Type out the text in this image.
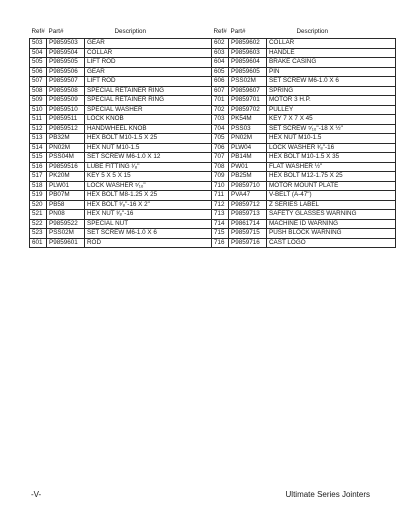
Ref#	Part#	Description
503	P9859503	GEAR
504	P9859504	COLLAR
505	P9859505	LIFT ROD
506	P9859506	GEAR
507	P9859507	LIFT ROD
508	P9859508	SPECIAL RETAINER RING
509	P9859509	SPECIAL RETAINER RING
510	P9859510	SPECIAL WASHER
511	P9859511	LOCK KNOB
512	P9859512	HANDWHEEL KNOB
513	PB32M	HEX BOLT M10-1.5 X 25
514	PN02M	HEX NUT M10-1.5
515	PSS04M	SET SCREW M6-1.0 X 12
516	P9859516	LUBE FITTING ¹⁄₈"
517	PK20M	KEY 5 X 5 X 15
518	PLW01	LOCK WASHER ⁵⁄₁₆"
519	PB07M	HEX BOLT M8-1.25 X 25
520	PB58	HEX BOLT ³⁄₈"-16 X 2"
521	PN08	HEX NUT ³⁄₈"-16
522	P9859522	SPECIAL NUT
523	PSS02M	SET SCREW M6-1.0 X 6
601	P9859601	ROD
Ref#	Part#	Description
602	P9859602	COLLAR
603	P9859603	HANDLE
604	P9859604	BRAKE CASING
605	P9859605	PIN
606	PSS02M	SET SCREW M6-1.0 X 6
607	P9859607	SPRING
701	P9859701	MOTOR 3 H.P.
702	P9859702	PULLEY
703	PK54M	KEY 7 X 7 X 45
704	PSS03	SET SCREW ⁵⁄₁₆"-18 X ½"
705	PN02M	HEX NUT M10-1.5
706	PLW04	LOCK WASHER ³⁄₈"-16
707	PB14M	HEX BOLT M10-1.5 X 35
708	PW01	FLAT WASHER ½"
709	PB25M	HEX BOLT M12-1.75 X 25
710	P9859710	MOTOR MOUNT PLATE
711	PVA47	V-BELT (A-47")
712	P9859712	Z SERIES LABEL
713	P9859713	SAFETY GLASSES WARNING
714	P9861714	MACHINE ID WARNING
715	P9859715	PUSH BLOCK WARNING
716	P9859716	CAST LOGO
-V-	Ultimate Series Jointers
